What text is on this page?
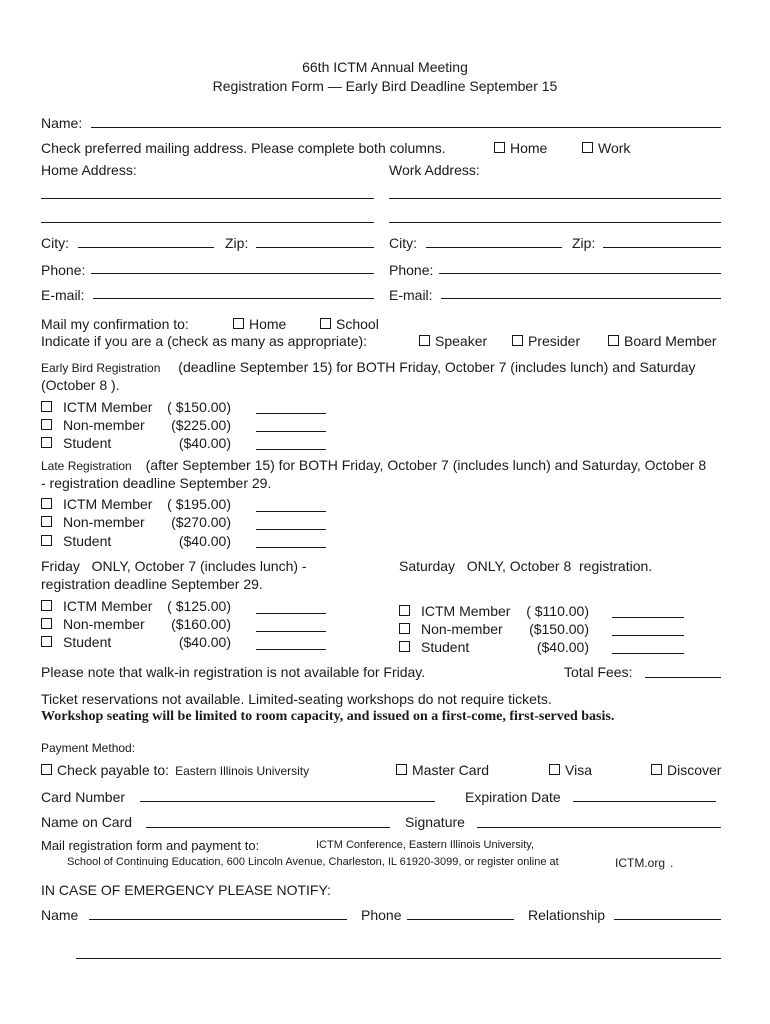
66th ICTM Annual Meeting
Registration Form — Early Bird Deadline September 15
Name:
Check preferred mailing address. Please complete both columns.	Home	Work
Home Address:	Work Address:
City:	Zip:	City:	Zip:
Phone:	Phone:
E-mail:	E-mail:
Mail my confirmation to:	Home	School
Indicate if you are a (check as many as appropriate):	Speaker	Presider	Board Member
Early Bird Registration (deadline September 15) for BOTH Friday, October 7 (includes lunch) and Saturday
(October 8 ).
ICTM Member ( $150.00)
Non-member ($225.00)
Student	($40.00)
Late Registration (after September 15) for BOTH Friday, October 7 (includes lunch) and Saturday, October 8
- registration deadline September 29.
ICTM Member ( $195.00)
Non-member ($270.00)
Student	($40.00)
Friday   ONLY, October 7 (includes lunch) -
registration deadline September 29.
Saturday   ONLY, October 8  registration.
ICTM Member ( $125.00)
Non-member ($160.00)
Student	($40.00)
ICTM Member ( $110.00)
Non-member ($150.00)
Student	($40.00)
Please note that walk-in registration is not available for Friday.	Total Fees:
Ticket reservations not available. Limited-seating workshops do not require tickets.
Workshop seating will be limited to room capacity, and issued on a first-come, first-served basis.
Payment Method:
Check payable to: Eastern Illinois University	Master Card	Visa	Discover
Card Number	Expiration Date
Name on Card	Signature
Mail registration form and payment to:	ICTM Conference, Eastern Illinois University,
School of Continuing Education, 600 Lincoln Avenue, Charleston, IL 61920-3099, or register online at	ICTM.org .
IN CASE OF EMERGENCY PLEASE NOTIFY:
Name	Phone	Relationship
